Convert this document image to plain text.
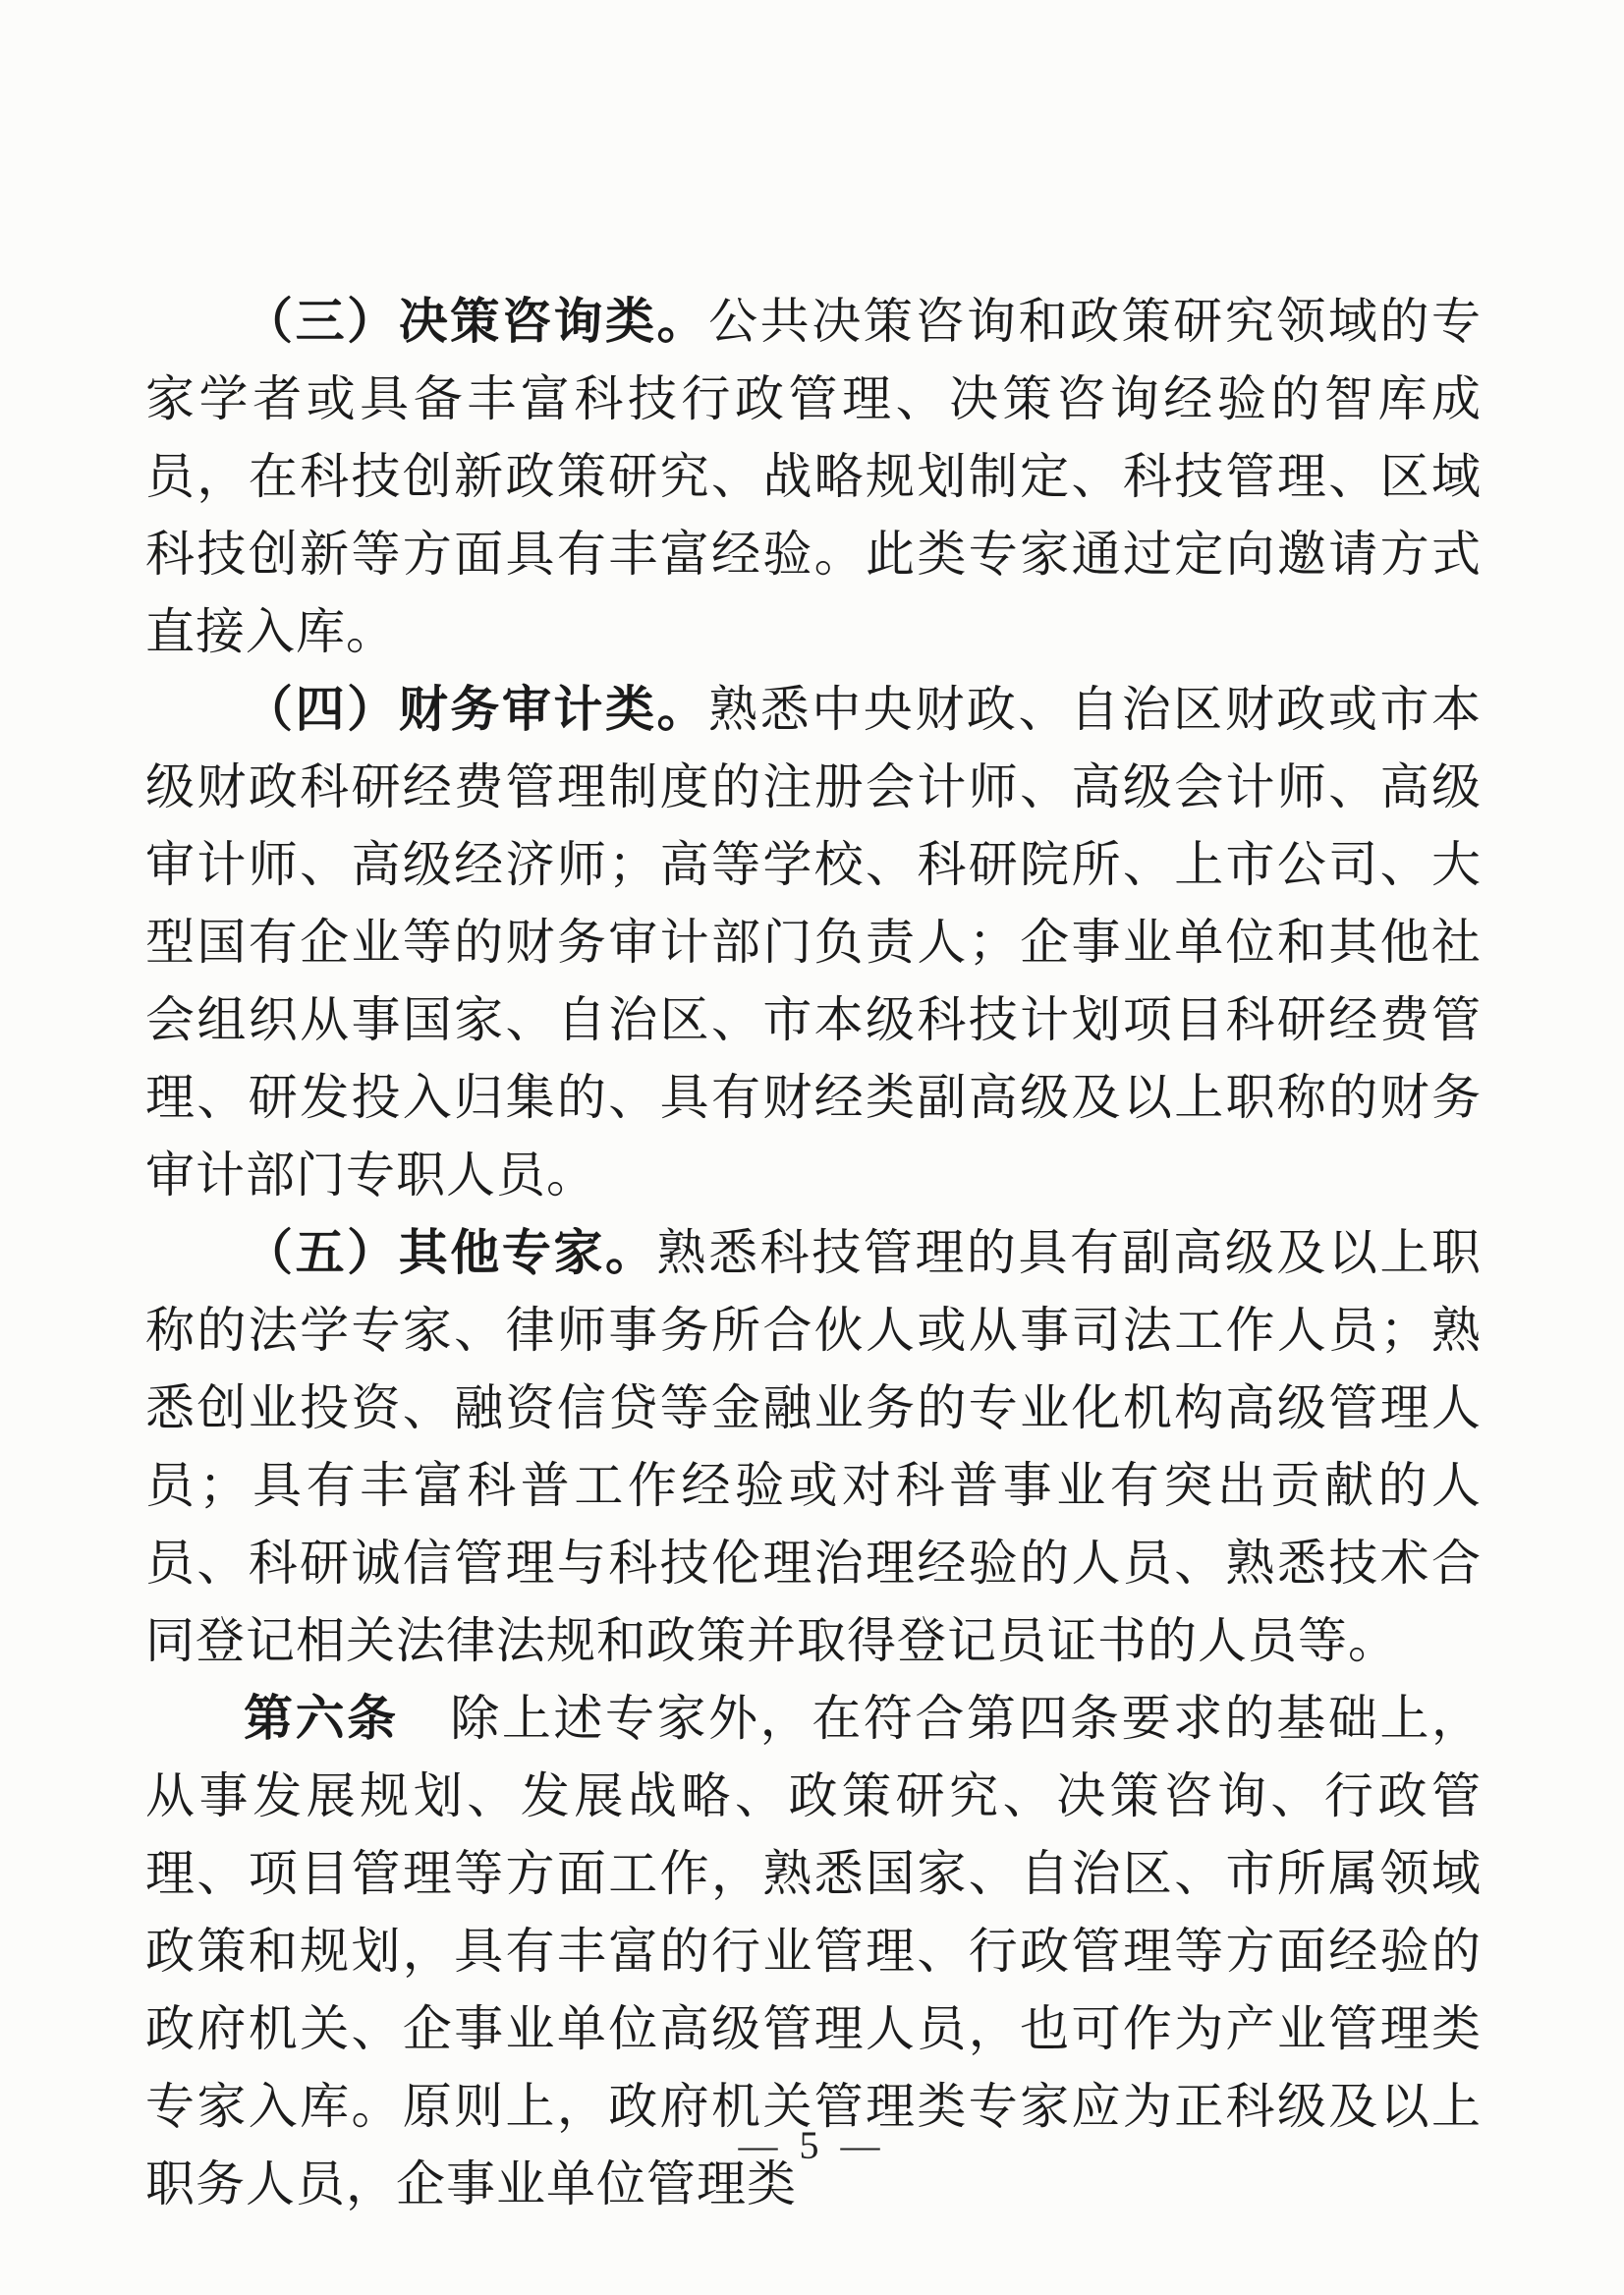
（三）决策咨询类。公共决策咨询和政策研究领域的专家学者或具备丰富科技行政管理、决策咨询经验的智库成员，在科技创新政策研究、战略规划制定、科技管理、区域科技创新等方面具有丰富经验。此类专家通过定向邀请方式直接入库。

（四）财务审计类。熟悉中央财政、自治区财政或市本级财政科研经费管理制度的注册会计师、高级会计师、高级审计师、高级经济师；高等学校、科研院所、上市公司、大型国有企业等的财务审计部门负责人；企事业单位和其他社会组织从事国家、自治区、市本级科技计划项目科研经费管理、研发投入归集的、具有财经类副高级及以上职称的财务审计部门专职人员。

（五）其他专家。熟悉科技管理的具有副高级及以上职称的法学专家、律师事务所合伙人或从事司法工作人员；熟悉创业投资、融资信贷等金融业务的专业化机构高级管理人员；具有丰富科普工作经验或对科普事业有突出贡献的人员、科研诚信管理与科技伦理治理经验的人员、熟悉技术合同登记相关法律法规和政策并取得登记员证书的人员等。

第六条　除上述专家外，在符合第四条要求的基础上，从事发展规划、发展战略、政策研究、决策咨询、行政管理、项目管理等方面工作，熟悉国家、自治区、市所属领域政策和规划，具有丰富的行业管理、行政管理等方面经验的政府机关、企事业单位高级管理人员，也可作为产业管理类专家入库。原则上，政府机关管理类专家应为正科级及以上职务人员，企事业单位管理类

— 5 —
